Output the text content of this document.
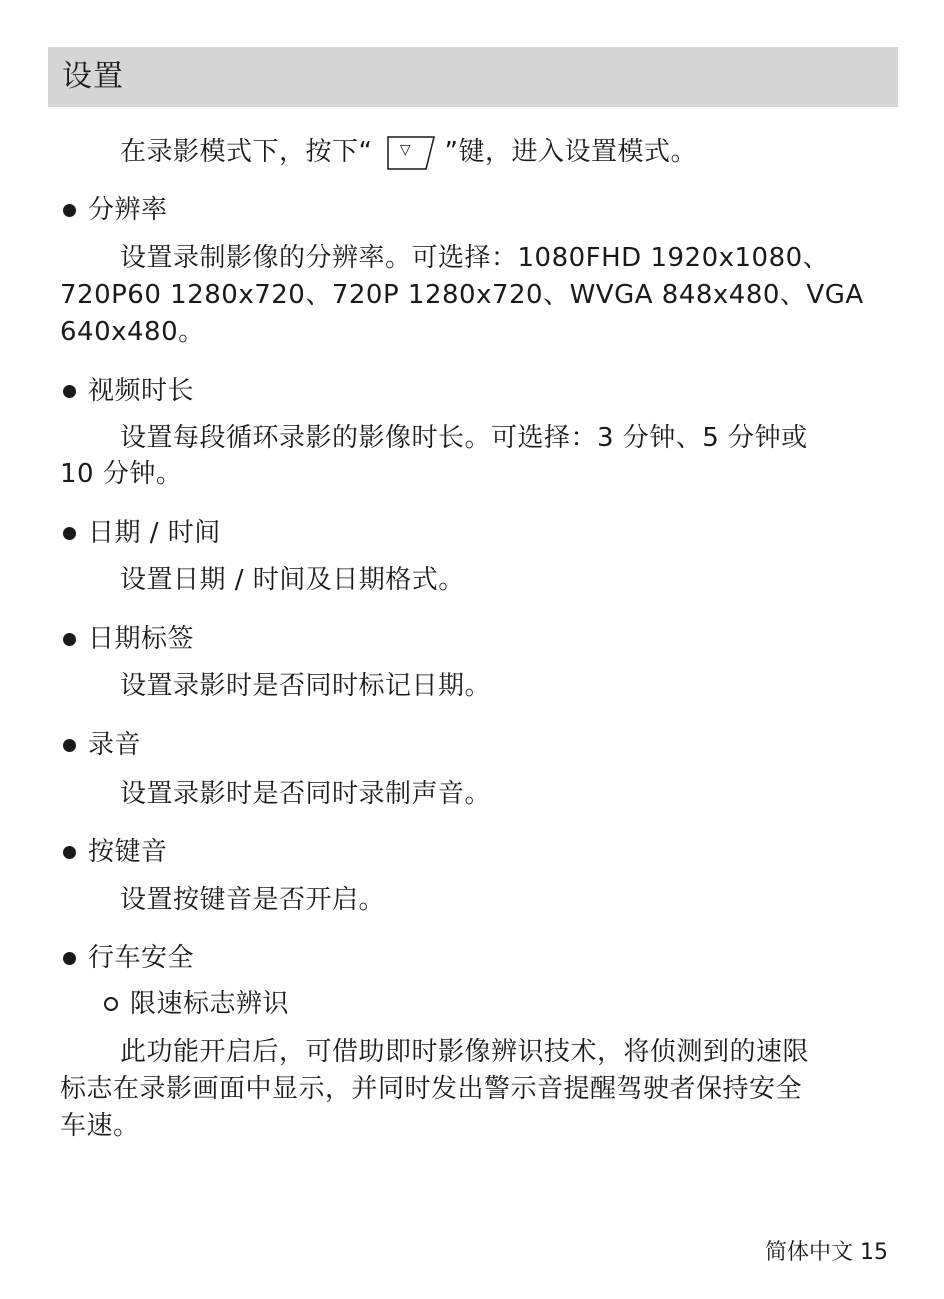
设置
在录影模式下，按下“ ▽ ”键，进入设置模式。
分辨率
设置录制影像的分辨率。可选择：1080FHD 1920x1080、
720P60 1280x720、720P 1280x720、WVGA 848x480、VGA
640x480。
视频时长
设置每段循环录影的影像时长。可选择：3 分钟、5 分钟或
10 分钟。
日期 / 时间
设置日期 / 时间及日期格式。
日期标签
设置录影时是否同时标记日期。
录音
设置录影时是否同时录制声音。
按键音
设置按键音是否开启。
行车安全
限速标志辨识
此功能开启后，可借助即时影像辨识技术，将侦测到的速限
标志在录影画面中显示，并同时发出警示音提醒驾驶者保持安全
车速。
简体中文 15
